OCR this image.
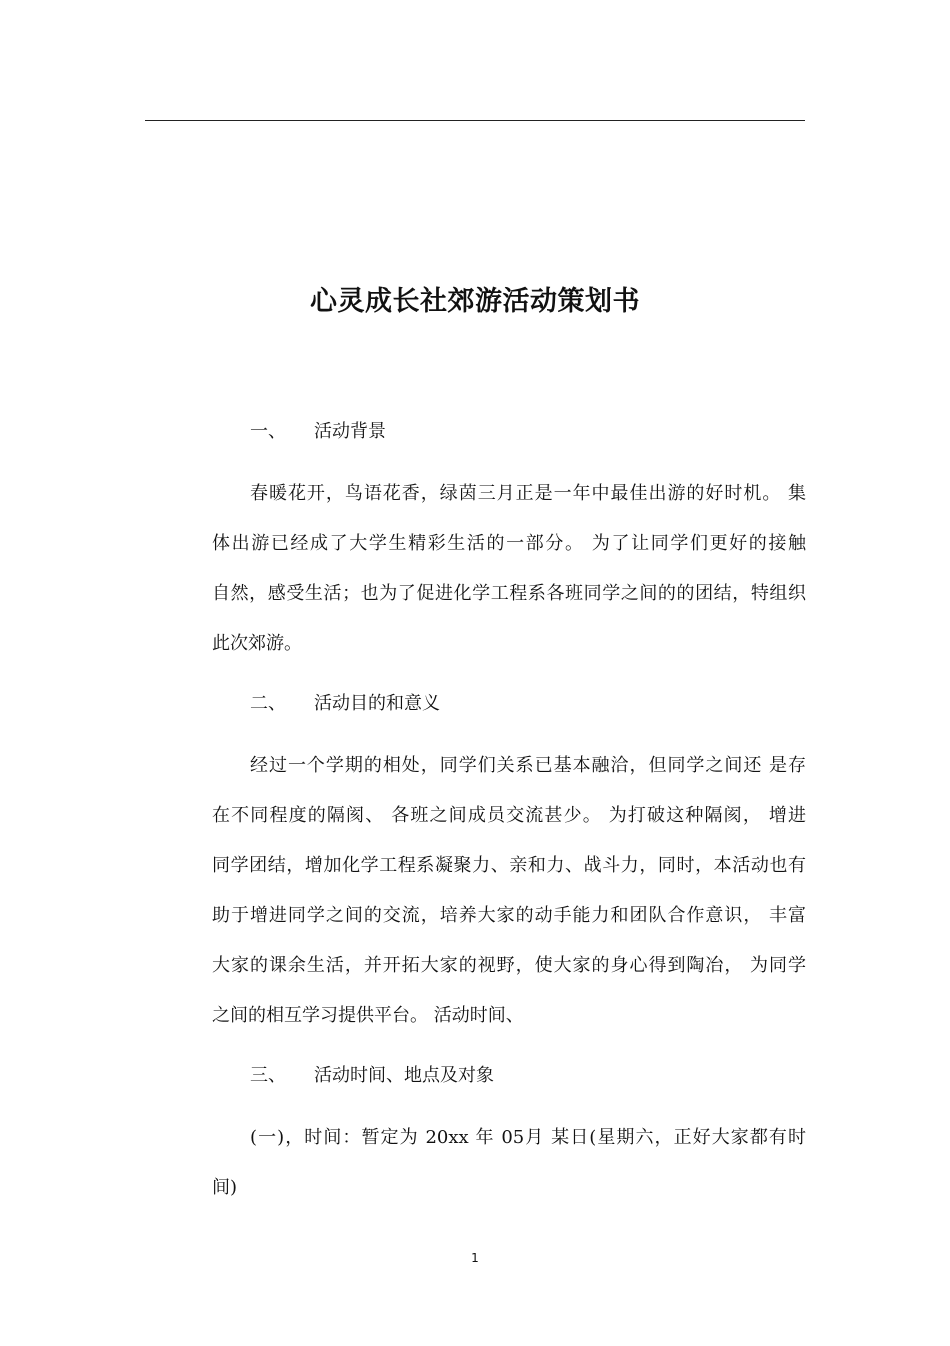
心灵成长社郊游活动策划书
一、 活动背景
春暖花开，鸟语花香，绿茵三月正是一年中最佳出游的好时机。 集
体出游已经成了大学生精彩生活的一部分。 为了让同学们更好的接触
自然，感受生活；也为了促进化学工程系各班同学之间的的团结，特组织
此次郊游。
二、 活动目的和意义
经过一个学期的相处，同学们关系已基本融洽，但同学之间还 是存
在不同程度的隔阂、 各班之间成员交流甚少。 为打破这种隔阂， 增进
同学团结，增加化学工程系凝聚力、亲和力、战斗力，同时，本活动也有
助于增进同学之间的交流，培养大家的动手能力和团队合作意识， 丰富
大家的课余生活，并开拓大家的视野，使大家的身心得到陶冶， 为同学
之间的相互学习提供平台。 活动时间、
三、 活动时间、地点及对象
(一)，时间：暂定为 20xx 年 05月 某日(星期六，正好大家都有时
间)
1
